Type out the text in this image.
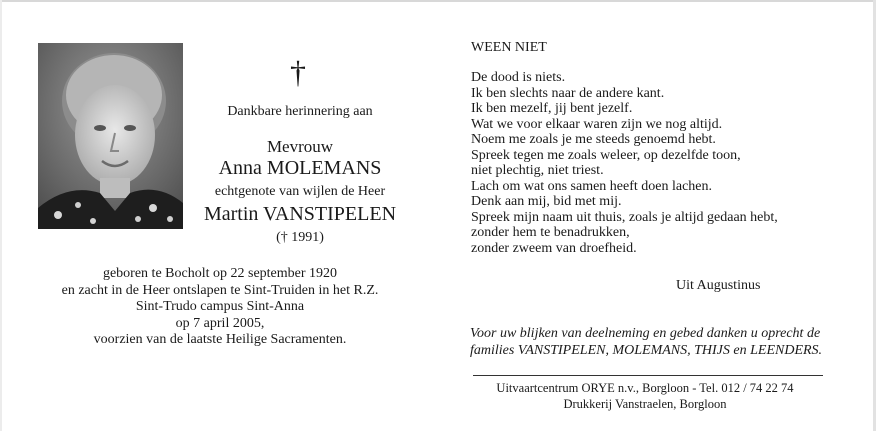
†
Dankbare herinnering aan
Mevrouw
Anna MOLEMANS
echtgenote van wijlen de Heer
Martin VANSTIPELEN
(† 1991)
geboren te Bocholt op 22 september 1920
en zacht in de Heer ontslapen te Sint-Truiden in het R.Z.
Sint-Trudo campus Sint-Anna
op 7 april 2005,
voorzien van de laatste Heilige Sacramenten.
WEEN NIET
De dood is niets.
Ik ben slechts naar de andere kant.
Ik ben mezelf, jij bent jezelf.
Wat we voor elkaar waren zijn we nog altijd.
Noem me zoals je me steeds genoemd hebt.
Spreek tegen me zoals weleer, op dezelfde toon,
niet plechtig, niet triest.
Lach om wat ons samen heeft doen lachen.
Denk aan mij, bid met mij.
Spreek mijn naam uit thuis, zoals je altijd gedaan hebt,
zonder hem te benadrukken,
zonder zweem van droefheid.
Uit Augustinus
Voor uw blijken van deelneming en gebed danken u oprecht de
families VANSTIPELEN, MOLEMANS, THIJS en LEENDERS.
Uitvaartcentrum ORYE n.v., Borgloon - Tel. 012 / 74 22 74
Drukkerij Vanstraelen, Borgloon
